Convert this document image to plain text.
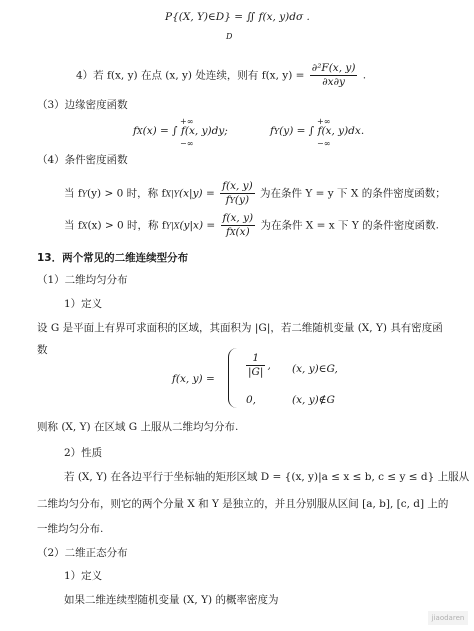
P{(X, Y)∈D} = ∬ f(x, y)dσ .
D
4）若 f(x, y) 在点 (x, y) 处连续，则有 f(x, $y) = \frac{\text{∂²F(x, y)}}{\partial x\partial y}$ .
（3）边缘密度函数
fX(x) = ∫ f(x, y)dy;
+∞
−∞
fY(y) = ∫ f(x, y)dx.
+∞
−∞
（4）条件密度函数
当 fY(y) > 0 时，称 $fX|Y(x|y) = \frac{f(x, y)}{fY(y)}$ 为在条件 Y = y 下 X 的条件密度函数；
当 fX(x) > 0 时，称 $fY|X(y|x) = \frac{f(x, y)}{fX(x)}$ 为在条件 X = x 下 Y 的条件密度函数.
13．两个常见的二维连续型分布
（1）二维均匀分布
1）定义
设 G 是平面上有界可求面积的区域，其面积为 |G|，若二维随机变量 (X, Y) 具有密度函
数
f(x, y) =	$\frac{1}{|G|}$ , (x, y)∈G,
0,	(x, y)∉G
则称 (X, Y) 在区域 G 上服从二维均匀分布.
2）性质
若 (X, Y) 在各边平行于坐标轴的矩形区域 D = {(x, y)|a ≤ x ≤ b, c ≤ y ≤ d} 上服从
二维均匀分布，则它的两个分量 X 和 Y 是独立的，并且分别服从区间 [a, b], [c, d] 上的
一维均匀分布.
（2）二维正态分布
1）定义
如果二维连续型随机变量 (X, Y) 的概率密度为
jiaodaren
